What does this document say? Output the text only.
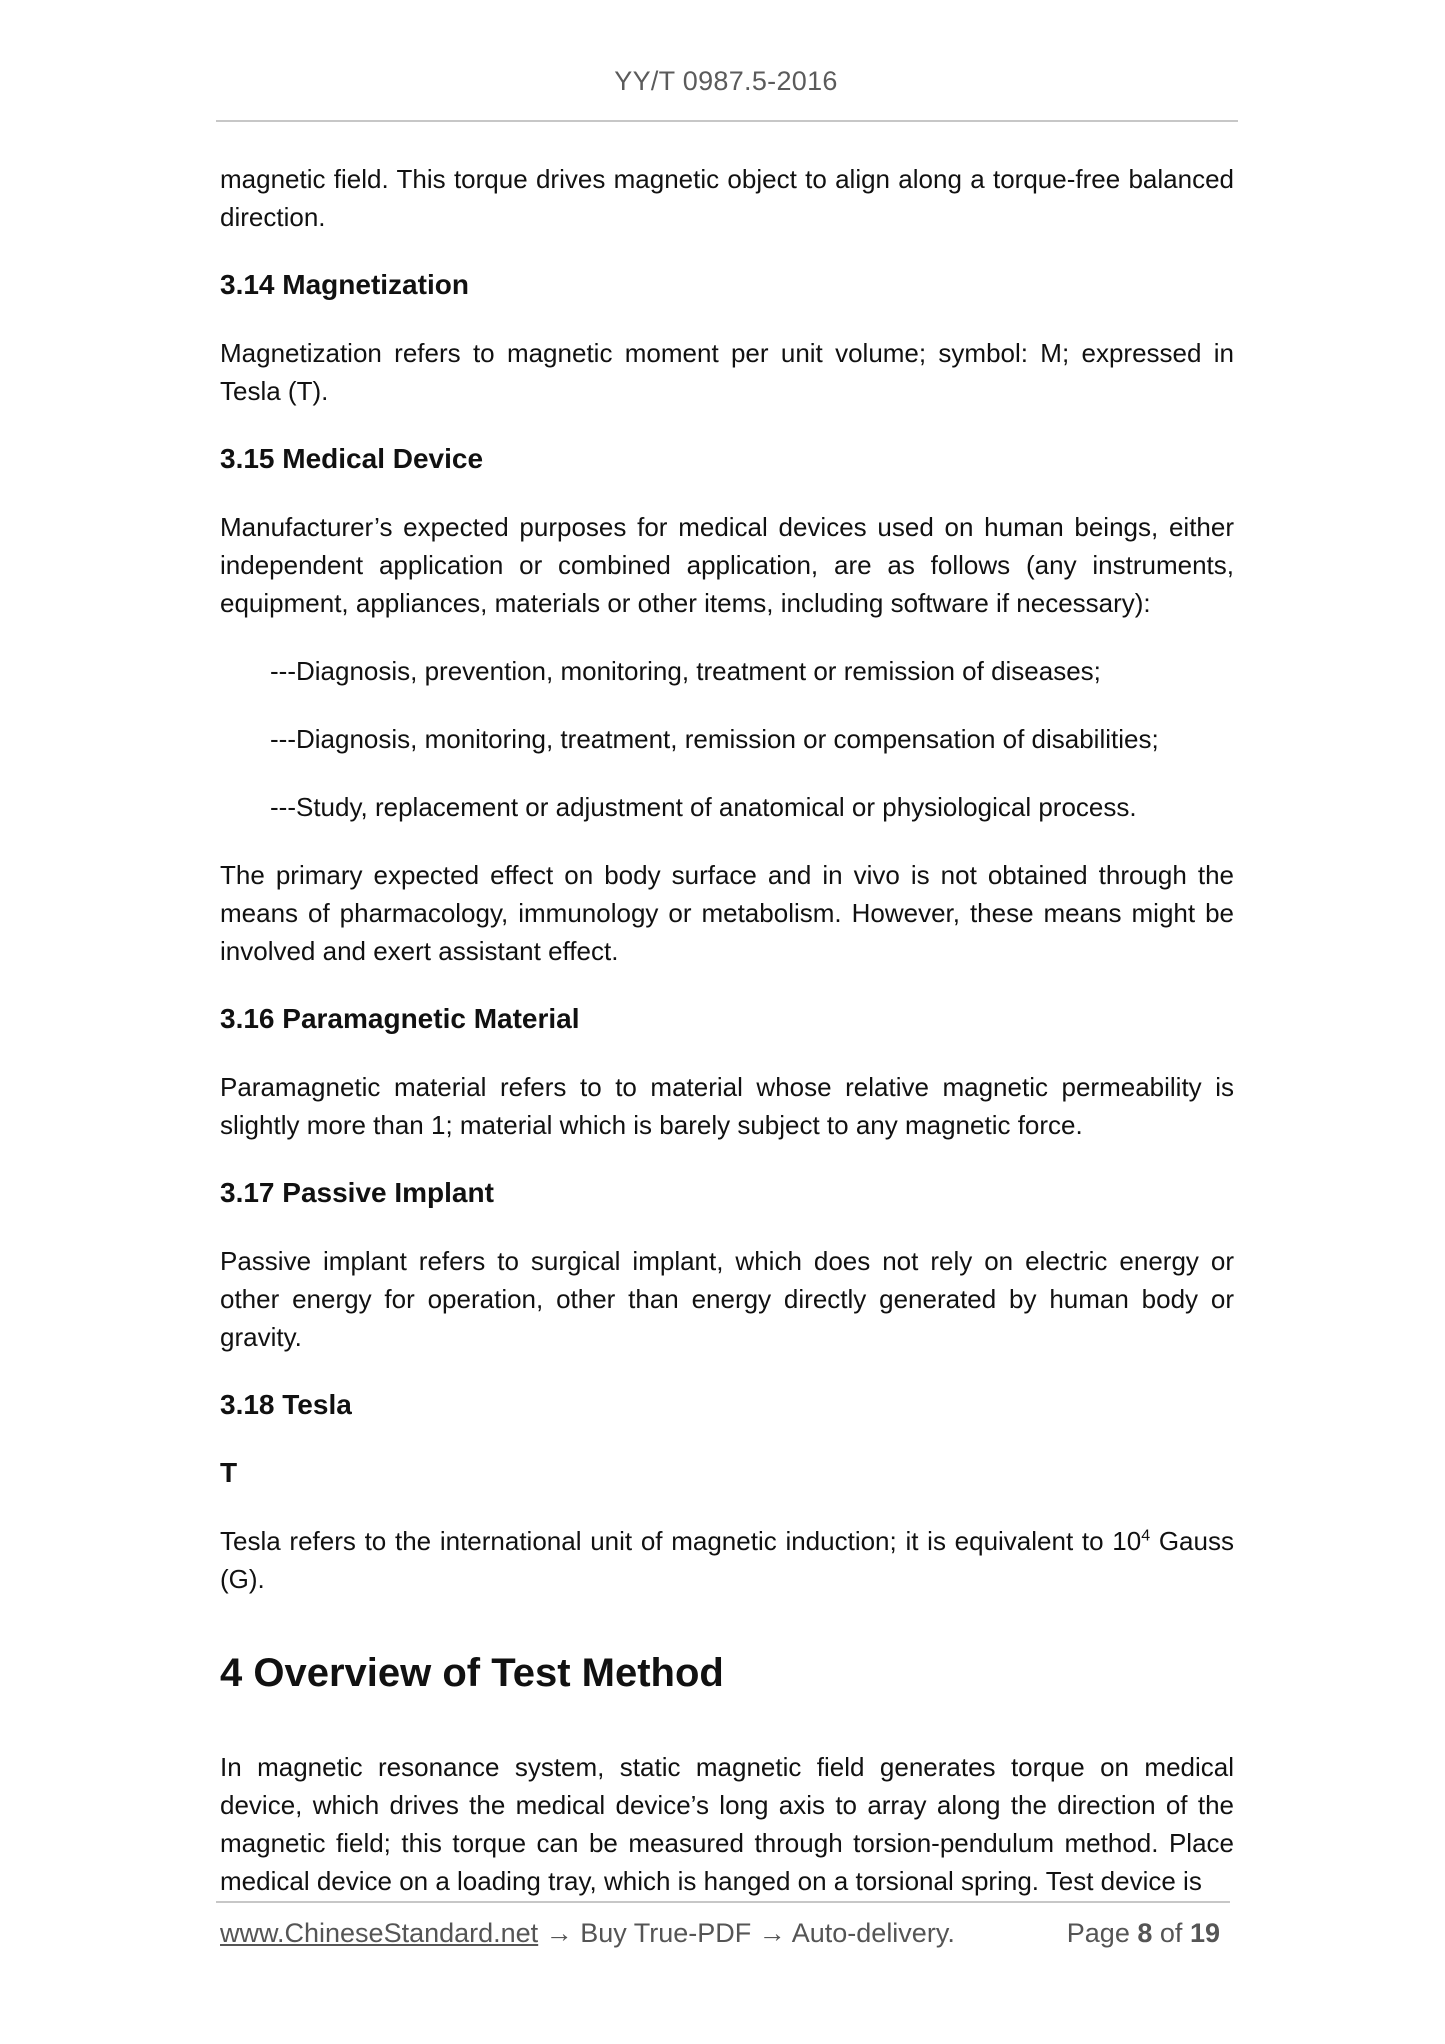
YY/T 0987.5-2016

magnetic field. This torque drives magnetic object to align along a torque-free balanced direction.

3.14 Magnetization

Magnetization refers to magnetic moment per unit volume; symbol: M; expressed in Tesla (T).

3.15 Medical Device

Manufacturer’s expected purposes for medical devices used on human beings, either independent application or combined application, are as follows (any instruments, equipment, appliances, materials or other items, including software if necessary):

---Diagnosis, prevention, monitoring, treatment or remission of diseases;

---Diagnosis, monitoring, treatment, remission or compensation of disabilities;

---Study, replacement or adjustment of anatomical or physiological process.

The primary expected effect on body surface and in vivo is not obtained through the means of pharmacology, immunology or metabolism. However, these means might be involved and exert assistant effect.

3.16 Paramagnetic Material

Paramagnetic material refers to to material whose relative magnetic permeability is slightly more than 1; material which is barely subject to any magnetic force.

3.17 Passive Implant

Passive implant refers to surgical implant, which does not rely on electric energy or other energy for operation, other than energy directly generated by human body or gravity.

3.18 Tesla
T

Tesla refers to the international unit of magnetic induction; it is equivalent to $10^4$ Gauss (G).

4 Overview of Test Method

In magnetic resonance system, static magnetic field generates torque on medical device, which drives the medical device’s long axis to array along the direction of the magnetic field; this torque can be measured through torsion-pendulum method. Place medical device on a loading tray, which is hanged on a torsional spring. Test device is

www.ChineseStandard.net → Buy True-PDF → Auto-delivery.	Page 8 of 19
